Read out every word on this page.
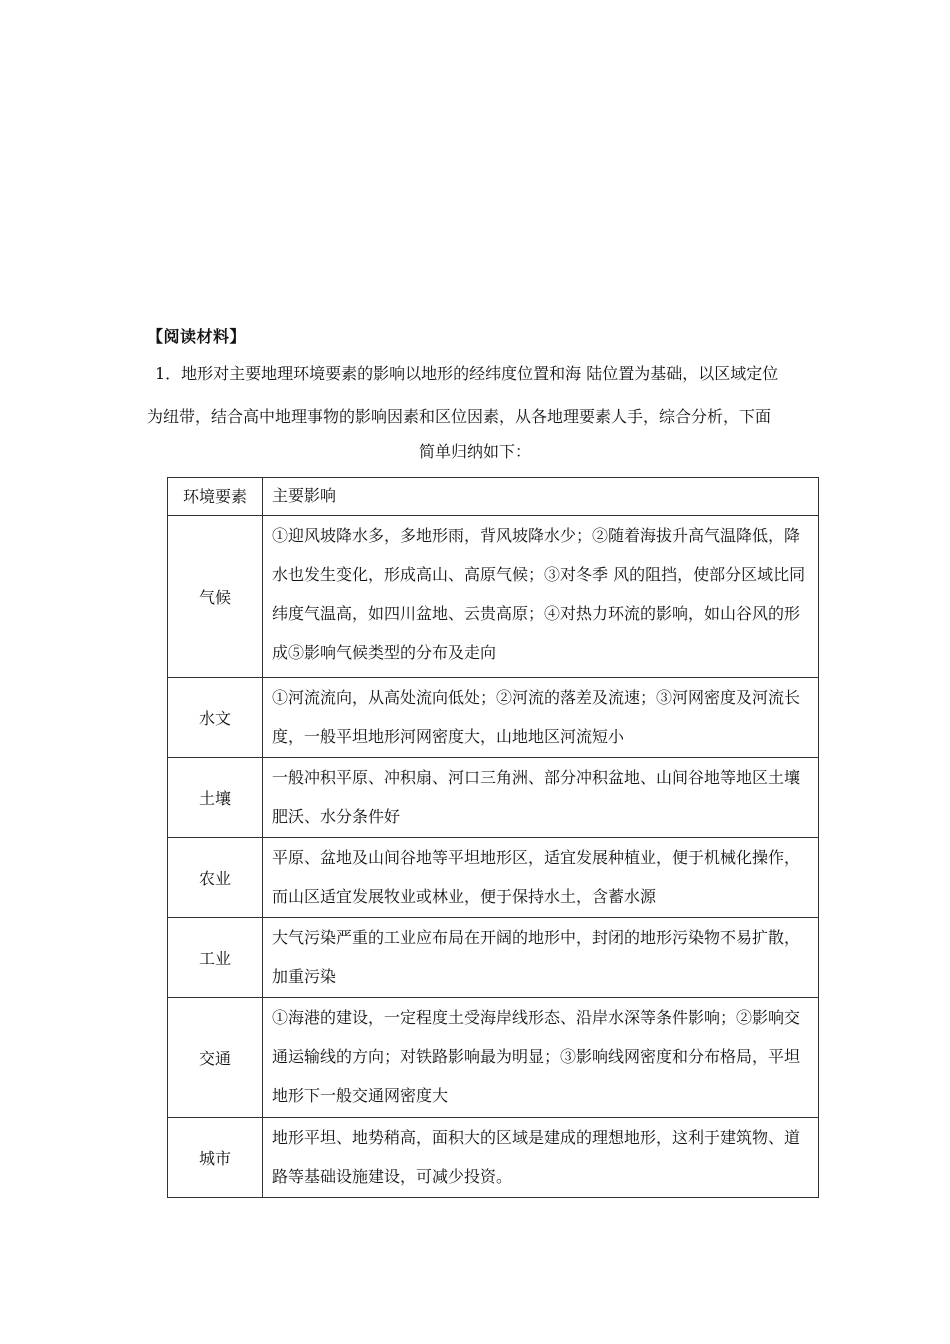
【阅读材料】
1．地形对主要地理环境要素的影响以地形的经纬度位置和海 陆位置为基础，以区域定位
为纽带，结合高中地理事物的影响因素和区位因素，从各地理要素人手，综合分析，下面
简单归纳如下：
环境要素	主要影响
气候	①迎风坡降水多，多地形雨，背风坡降水少；②随着海拔升高气温降低，降水也发生变化，形成高山、高原气候；③对冬季 风的阻挡，使部分区域比同纬度气温高，如四川盆地、云贵高原；④对热力环流的影响，如山谷风的形成⑤影响气候类型的分布及走向
水文	①河流流向，从高处流向低处；②河流的落差及流速；③河网密度及河流长度，一般平坦地形河网密度大，山地地区河流短小
土壤	一般冲积平原、冲积扇、河口三角洲、部分冲积盆地、山间谷地等地区土壤肥沃、水分条件好
农业	平原、盆地及山间谷地等平坦地形区，适宜发展种植业，便于机械化操作，而山区适宜发展牧业或林业，便于保持水土，含蓄水源
工业	大气污染严重的工业应布局在开阔的地形中，封闭的地形污染物不易扩散，加重污染
交通	①海港的建设，一定程度土受海岸线形态、沿岸水深等条件影响；②影响交通运输线的方向；对铁路影响最为明显；③影响线网密度和分布格局，平坦地形下一般交通网密度大
城市	地形平坦、地势稍高，面积大的区域是建成的理想地形，这利于建筑物、道路等基础设施建设，可减少投资。
